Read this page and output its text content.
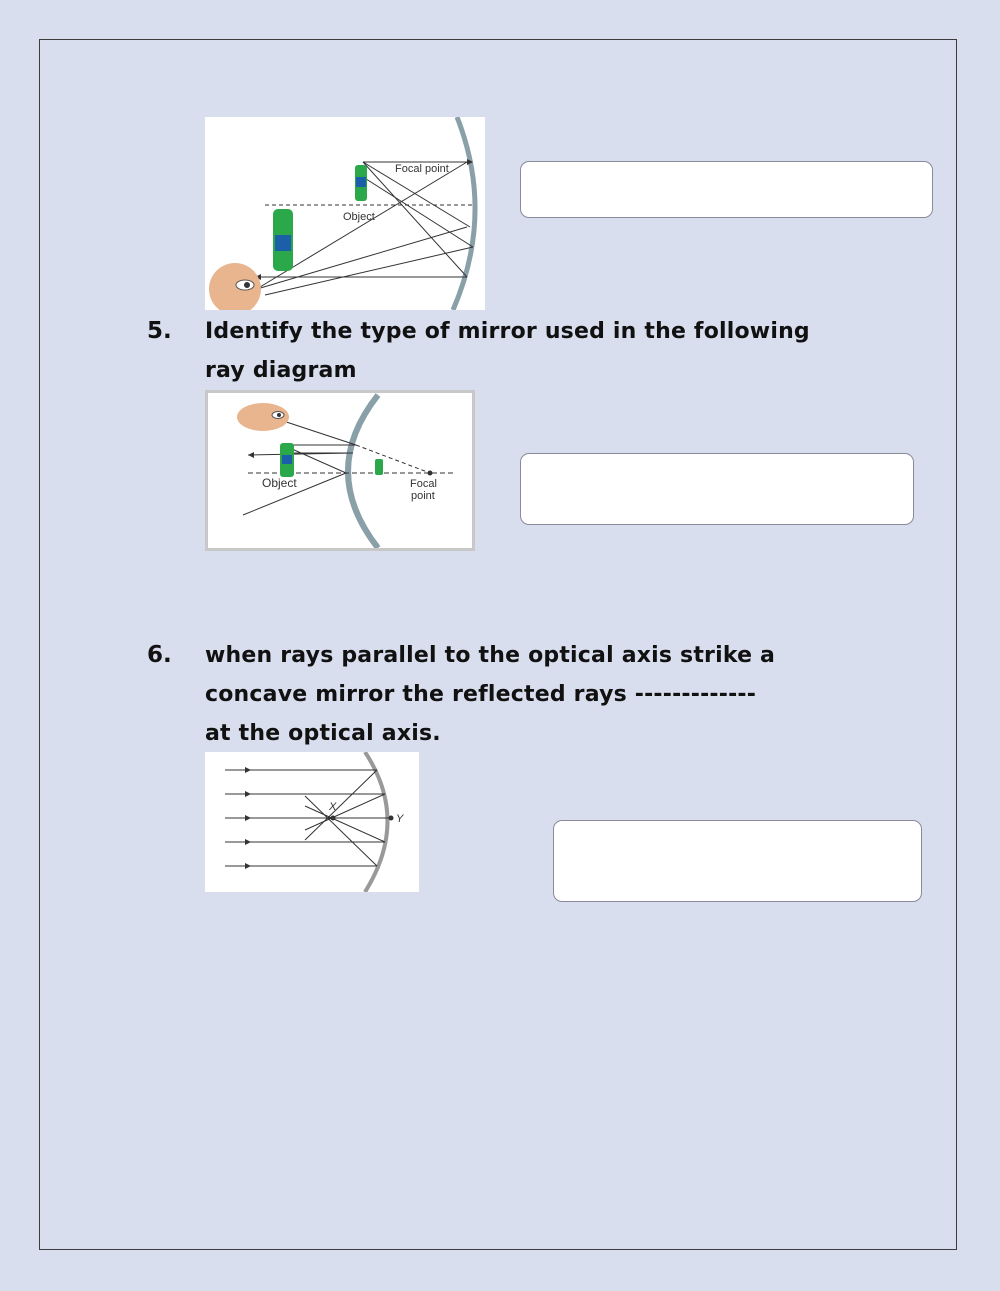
Focal point
Object
5. Identify the type of mirror used in the following
ray diagram
Object	Focal
point
6. when rays parallel to the optical axis strike a
concave mirror the reflected rays -------------
at the optical axis.
X
Y
